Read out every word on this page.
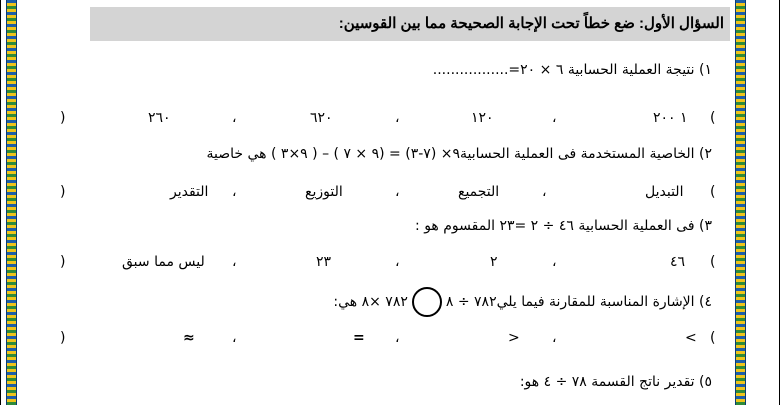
السؤال الأول: ضع خطاً تحت الإجابة الصحيحة مما بين القوسين:
١) نتيجة العملية الحسابية ٦ × ٢٠=.................
)	٢٦٠	،	٦٢٠	،	١٢٠	،	١ ٢٠٠ (
٢) الخاصية المستخدمة فى العملية الحسابية٩× (٧-٣) = (٩ × ٧ ) – ( ٩×٣ ) هي خاصية
)	التقدير ،	التوزيع	،	التجميع	،	التبديل (
٣) فى العملية الحسابية ٤٦ ÷ ٢ =٢٣ المقسوم هو :
)	ليس مما سبق ،	٢٣	،	٢	،	٤٦ (
٤) الإشارة المناسبة للمقارنة فيما يلي٧٨٢ ÷ ٨٧٨٢ ×٨ هي:
)	≈	،	= ،	> ،	< (
٥) تقدير ناتج القسمة ٧٨ ÷ ٤ هو:
